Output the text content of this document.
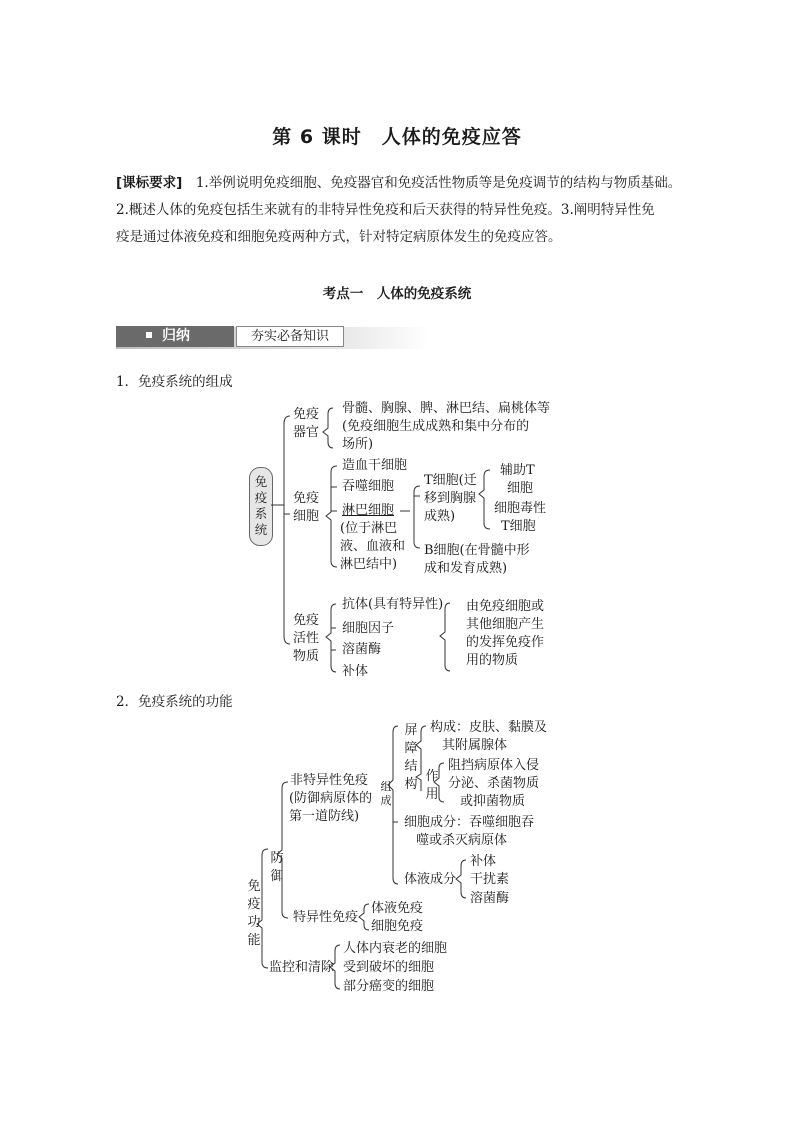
第 6 课时　人体的免疫应答
[课标要求]　 1.举例说明免疫细胞、免疫器官和免疫活性物质等是免疫调节的结构与物质基础。
2.概述人体的免疫包括生来就有的非特异性免疫和后天获得的特异性免疫。3.阐明特异性免
疫是通过体液免疫和细胞免疫两种方式，针对特定病原体发生的免疫应答。
考点一　人体的免疫系统
归纳	夯实必备知识
1．免疫系统的组成
免疫系统
免疫
器官
骨髓、胸腺、脾、淋巴结、扁桃体等
(免疫细胞生成成熟和集中分布的
场所)
免疫
细胞
造血干细胞
吞噬细胞
淋巴细胞
(位于淋巴
液、血液和
淋巴结中)
T细胞(迁
移到胸腺
成熟)
辅助T
细胞
细胞毒性
T细胞
B细胞(在骨髓中形
成和发育成熟)
免疫
活性
物质
抗体(具有特异性)
细胞因子
溶菌酶
补体
由免疫细胞或
其他细胞产生
的发挥免疫作
用的物质
2．免疫系统的功能
免疫功能
防御
非特异性免疫
(防御病原体的
第一道防线)
组成
屏障结构
构成：皮肤、黏膜及
其附属腺体
作用
阻挡病原体入侵
分泌、杀菌物质
或抑菌物质
细胞成分：吞噬细胞吞
噬或杀灭病原体
体液成分
补体
干扰素
溶菌酶
特异性免疫
体液免疫
细胞免疫
监控和清除
人体内衰老的细胞
受到破坏的细胞
部分癌变的细胞
